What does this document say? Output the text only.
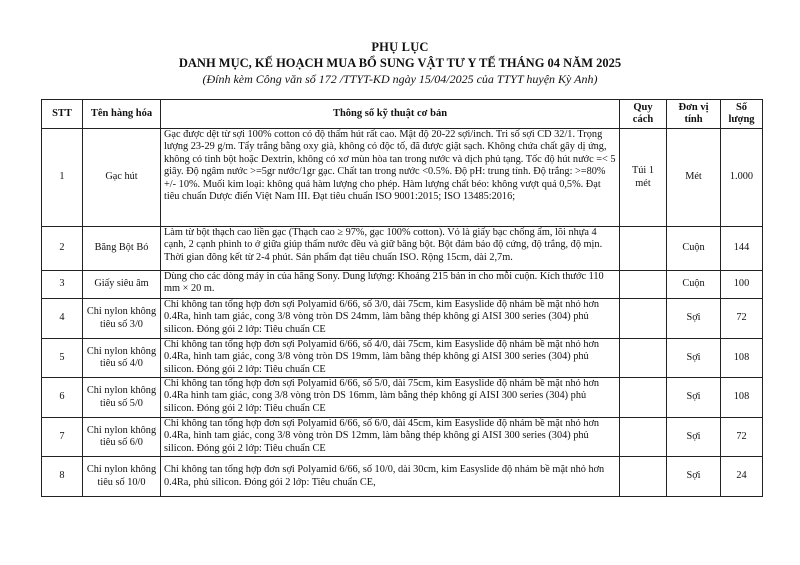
PHỤ LỤC
DANH MỤC, KẾ HOẠCH MUA BỔ SUNG VẬT TƯ Y TẾ THÁNG 04 NĂM 2025
(Đính kèm Công văn số 172 /TTYT-KD ngày 15/04/2025 của TTYT huyện Kỳ Anh)
STT	Tên hàng hóa	Thông số kỹ thuật cơ bản	Quy cách	Đơn vị tính	Số lượng
1	Gạc hút	Gạc được dệt từ sợi 100% cotton có độ thấm hút rất cao. Mật độ 20-22 sợi/inch. Tri số sợi CD 32/1. Trọng lượng 23-29 g/m. Tẩy trắng bằng oxy già, không có độc tố, đã được giặt sạch. Không chứa chất gây dị ứng, không có tinh bột hoặc Dextrin, không có xơ mùn hòa tan trong nước và dịch phủ tạng. Tốc độ hút nước =< 5 giây. Độ ngâm nước >=5gr nước/1gr gạc. Chất tan trong nước <0.5%. Độ pH: trung tính. Độ trắng: >=80% +/- 10%. Muối kim loại: không quá hàm lượng cho phép. Hàm lượng chất béo: không vượt quá 0,5%. Đạt tiêu chuẩn Dược điển Việt Nam III. Đạt tiêu chuẩn ISO 9001:2015; ISO 13485:2016;	Túi 1 mét	Mét	1.000
2	Băng Bột Bó	Làm từ bột thạch cao liền gạc (Thạch cao ≥ 97%, gạc 100% cotton). Vỏ là giấy bạc chống ẩm, lõi nhựa 4 cạnh, 2 cạnh phình to ở giữa giúp thấm nước đều và giữ băng bột. Bột đảm bảo độ cứng, độ trắng, độ mịn. Thời gian đông kết từ 2-4 phút. Sản phẩm đạt tiêu chuẩn ISO. Rộng 15cm, dài 2,7m.		Cuộn	144
3	Giấy siêu âm	Dùng cho các dòng máy in của hãng Sony. Dung lượng: Khoảng 215 bản in cho mỗi cuộn. Kích thước 110 mm × 20 m.		Cuộn	100
4	Chỉ nylon không tiêu số 3/0	Chỉ không tan tổng hợp đơn sợi Polyamid 6/66, số 3/0, dài 75cm, kim Easyslide độ nhám bề mặt nhỏ hơn 0.4Ra, hình tam giác, cong 3/8 vòng tròn DS 24mm, làm bằng thép không gỉ AISI 300 series (304) phủ silicon. Đóng gói 2 lớp: Tiêu chuẩn CE		Sợi	72
5	Chỉ nylon không tiêu số 4/0	Chỉ không tan tổng hợp đơn sợi Polyamid 6/66, số 4/0, dài 75cm, kim Easyslide độ nhám bề mặt nhỏ hơn 0.4Ra, hình tam giác, cong 3/8 vòng tròn DS 19mm, làm bằng thép không gỉ AISI 300 series (304) phủ silicon. Đóng gói 2 lớp: Tiêu chuẩn CE		Sợi	108
6	Chỉ nylon không tiêu số 5/0	Chỉ không tan tổng hợp đơn sợi Polyamid 6/66, số 5/0, dài 75cm, kim Easyslide độ nhám bề mặt nhỏ hơn 0.4Ra hình tam giác, cong 3/8 vòng tròn DS 16mm, làm bằng thép không gỉ AISI 300 series (304) phủ silicon. Đóng gói 2 lớp: Tiêu chuẩn CE		Sợi	108
7	Chỉ nylon không tiêu số 6/0	Chỉ không tan tổng hợp đơn sợi Polyamid 6/66, số 6/0, dài 45cm, kim Easyslide độ nhám bề mặt nhỏ hơn 0.4Ra, hình tam giác, cong 3/8 vòng tròn DS 12mm, làm bằng thép không gỉ AISI 300 series (304) phủ silicon. Đóng gói 2 lớp: Tiêu chuẩn CE		Sợi	72
8	Chỉ nylon không tiêu số 10/0	Chỉ không tan tổng hợp đơn sợi Polyamid 6/66, số 10/0, dài 30cm, kim Easyslide độ nhám bề mặt nhỏ hơn 0.4Ra, phủ silicon. Đóng gói 2 lớp: Tiêu chuẩn CE,		Sợi	24
